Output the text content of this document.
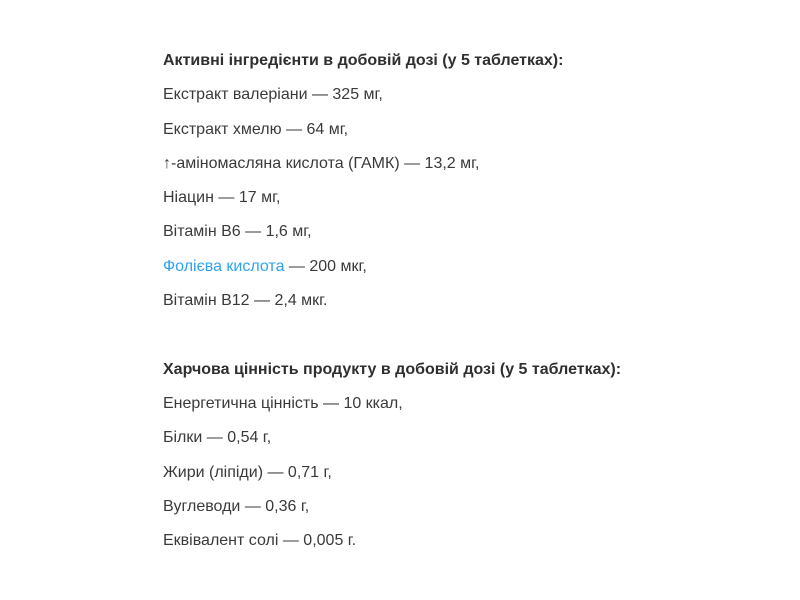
Активні інгредієнти в добовій дозі (у 5 таблетках):
Екстракт валеріани — 325 мг,
Екстракт хмелю — 64 мг,
↑-аміномасляна кислота (ГАМК) — 13,2 мг,
Ніацин — 17 мг,
Вітамін В6 — 1,6 мг,
Фолієва кислота — 200 мкг,
Вітамін В12 — 2,4 мкг.
Харчова цінність продукту в добовій дозі (у 5 таблетках):
Енергетична цінність — 10 ккал,
Білки — 0,54 г,
Жири (ліпіди) — 0,71 г,
Вуглеводи — 0,36 г,
Еквівалент солі — 0,005 г.
